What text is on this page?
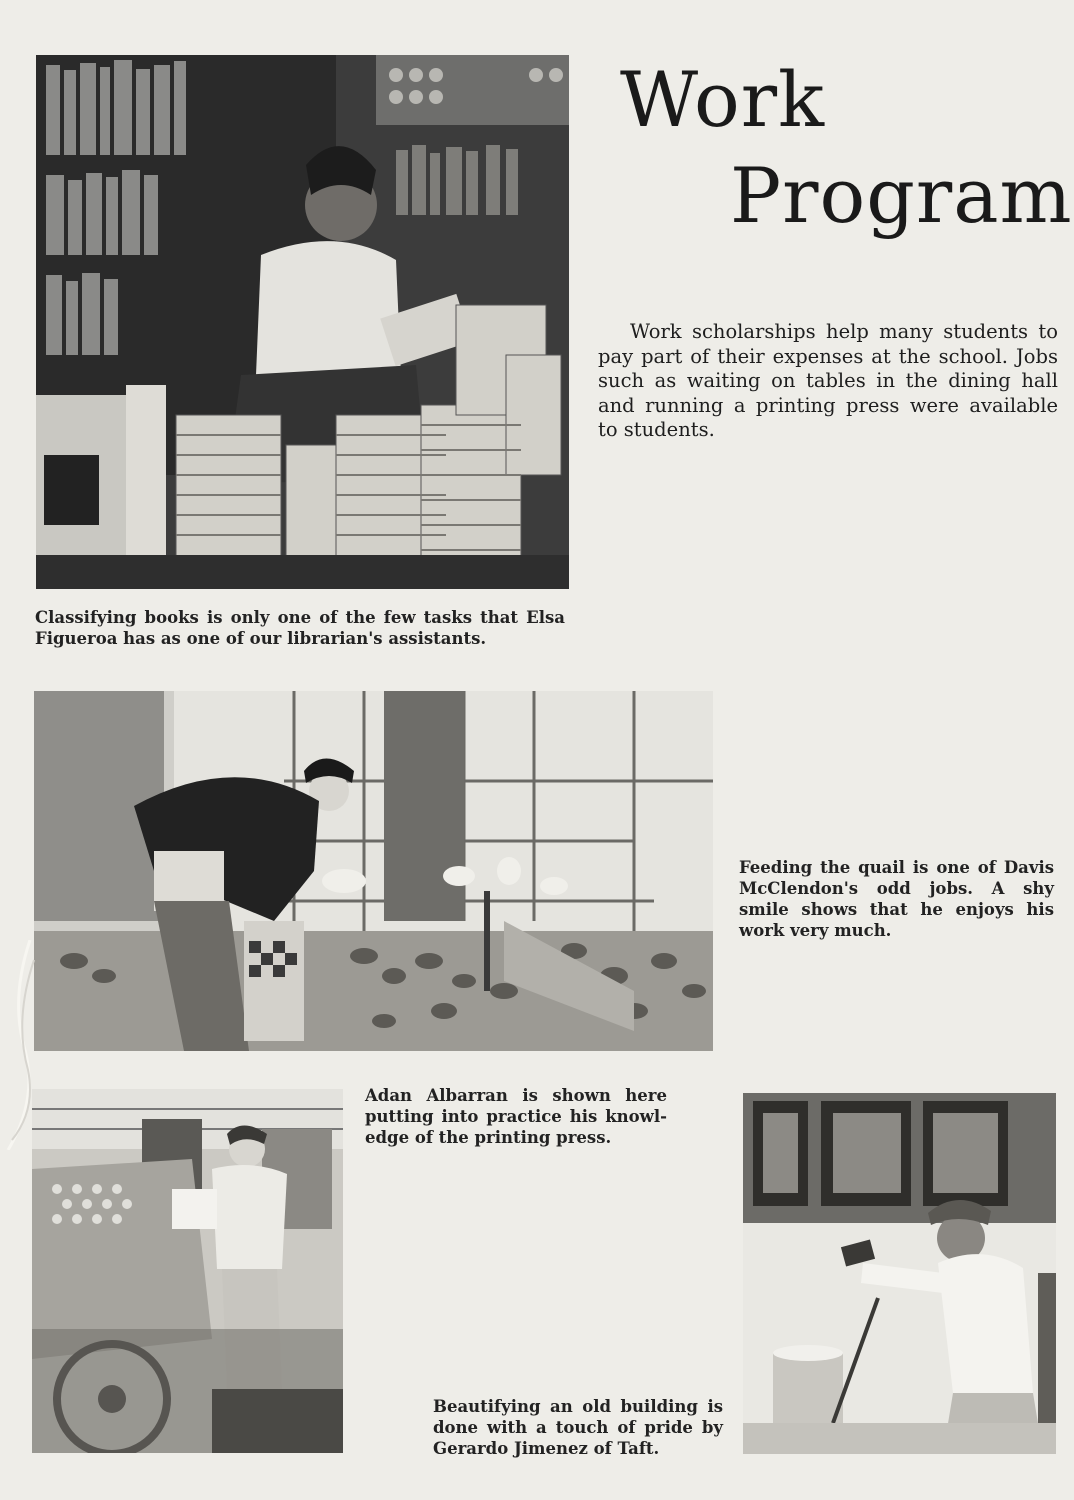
Work
Program

Work scholarships help many students to pay part of their expenses at the school. Jobs such as waiting on tables in the dining hall and running a printing press were available to students.

Classifying books is only one of the few tasks that Elsa Figueroa has as one of our librarian's assistants.

Feeding the quail is one of Davis McClendon's odd jobs. A shy smile shows that he enjoys his work very much.

Adan Albarran is shown here putting into practice his knowl-edge of the printing press.

Beautifying an old building is done with a touch of pride by Gerardo Jimenez of Taft.
